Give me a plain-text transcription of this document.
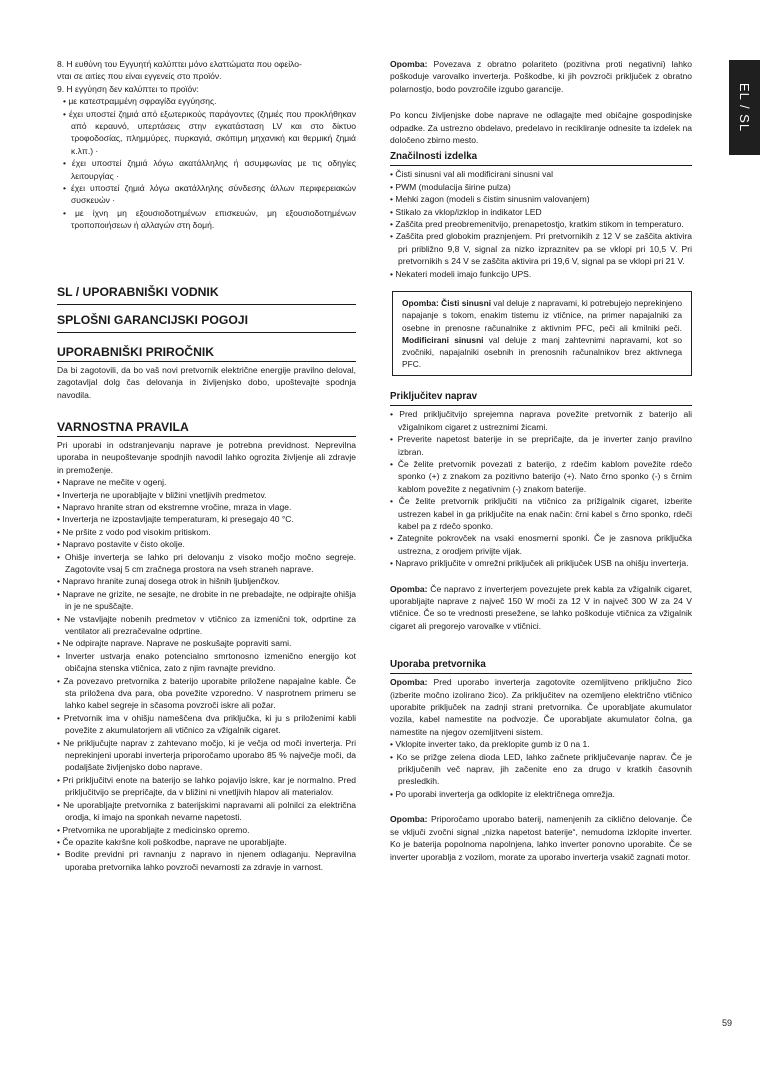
8. Η ευθύνη του Εγγυητή καλύπτει μόνο ελαττώματα που οφείλο-

νται σε αιτίες που είναι εγγενείς στο προϊόν.

9. Η εγγύηση δεν καλύπτει το προϊόν:

• με κατεστραμμένη σφραγίδα εγγύησης.

• έχει υποστεί ζημιά από εξωτερικούς παράγοντες (ζημιές που προκλήθηκαν από κεραυνό, υπερτάσεις στην εγκατάσταση LV και στο δίκτυο τροφοδοσίας, πλημμύρες, πυρκαγιά, σκόπιμη μηχανική και θερμική ζημιά κ.λπ.) ·

• έχει υποστεί ζημιά λόγω ακατάλληλης ή ασυμφωνίας με τις οδηγίες λειτουργίας ·

• έχει υποστεί ζημιά λόγω ακατάλληλης σύνδεσης άλλων περιφερειακών συσκευών ·

• με ίχνη μη εξουσιοδοτημένων επισκευών, μη εξουσιοδοτημένων τροποποιήσεων ή αλλαγών στη δομή.

SL / UPORABNIŠKI VODNIK
SPLOŠNI GARANCIJSKI POGOJI
UPORABNIŠKI PRIROČNIK

Da bi zagotovili, da bo vaš novi pretvornik električne energije pravilno deloval, zagotavljal dolg čas delovanja in življenjsko dobo, upoštevajte spodnja navodila.

VARNOSTNA PRAVILA

Pri uporabi in odstranjevanju naprave je potrebna previdnost. Neprevilna uporaba in neupoštevanje spodnjih navodil lahko ogrozita življenje ali zdravje in premoženje.

• Naprave ne mečite v ogenj.

• Inverterja ne uporabljajte v bližini vnetljivih predmetov.

• Napravo hranite stran od ekstremne vročine, mraza in vlage.

• Inverterja ne izpostavljajte temperaturam, ki presegajo 40 °C.

• Ne pršite z vodo pod visokim pritiskom.

• Napravo postavite v čisto okolje.

• Ohišje inverterja se lahko pri delovanju z visoko močjo močno segreje. Zagotovite vsaj 5 cm zračnega prostora na vseh straneh naprave.

• Napravo hranite zunaj dosega otrok in hišnih ljubljenčkov.

• Naprave ne grizite, ne sesajte, ne drobite in ne prebadajte, ne odpirajte ohišja in je ne spuščajte.

• Ne vstavljajte nobenih predmetov v vtičnico za izmenični tok, odprtine za ventilator ali prezračevalne odprtine.

• Ne odpirajte naprave. Naprave ne poskušajte popraviti sami.

• Inverter ustvarja enako potencialno smrtonosno izmenično energijo kot običajna stenska vtičnica, zato z njim ravnajte previdno.

• Za povezavo pretvornika z baterijo uporabite priložene napajalne kable. Če sta priložena dva para, oba povežite vzporedno. V nasprotnem primeru se lahko kabel segreje in sčasoma povzroči iskre ali požar.

• Pretvornik ima v ohišju nameščena dva priključka, ki ju s priloženimi kabli povežite z akumulatorjem ali vtičnico za vžigalnik cigaret.

• Ne priključujte naprav z zahtevano močjo, ki je večja od moči inverterja. Pri neprekinjeni uporabi inverterja priporočamo uporabo 85 % največje moči, da podaljšate življenjsko dobo naprave.

• Pri priključitvi enote na baterijo se lahko pojavijo iskre, kar je normalno. Pred priključitvijo se prepričajte, da v bližini ni vnetljivih hlapov ali materialov.

• Ne uporabljajte pretvornika z baterijskimi napravami ali polnilci za električna orodja, ki imajo na sponkah nevarne napetosti.

• Pretvornika ne uporabljajte z medicinsko opremo.

• Če opazite kakršne koli poškodbe, naprave ne uporabljajte.

• Bodite previdni pri ravnanju z napravo in njenem odlaganju. Nepravilna uporaba pretvornika lahko povzroči nevarnosti za zdravje in varnost.

Opomba: Povezava z obratno polariteto (pozitivna proti negativni) lahko poškoduje varovalko inverterja. Poškodbe, ki jih povzroči priključek z obratno polarnostjo, bodo povzročile izgubo garancije.

Po koncu življenjske dobe naprave ne odlagajte med običajne gospodinjske odpadke. Za ustrezno obdelavo, predelavo in recikliranje odnesite ta izdelek na določeno zbirno mesto.

Značilnosti izdelka

• Čisti sinusni val ali modificirani sinusni val

• PWM (modulacija širine pulza)

• Mehki zagon (modeli s čistim sinusnim valovanjem)

• Stikalo za vklop/izklop in indikator LED

• Zaščita pred preobremenitvijo, prenapetostjo, kratkim stikom in temperaturo.

• Zaščita pred globokim praznjenjem. Pri pretvornikih z 12 V se zaščita aktivira pri približno 9,8 V, signal za nizko izpraznitev pa se vklopi pri 10,5 V. Pri pretvornikih s 24 V se zaščita aktivira pri 19,6 V, signal pa se vklopi pri 21 V.

• Nekateri modeli imajo funkcijo UPS.

Opomba: Čisti sinusni val deluje z napravami, ki potrebujejo neprekinjeno napajanje s tokom, enakim tistemu iz vtičnice, na primer napajalniki za osebne in prenosne računalnike z aktivnim PFC, peči ali kmilniki peči. Modificirani sinusni val deluje z manj zahtevnimi napravami, kot so zvočniki, napajalniki osebnih in prenosnih računalnikov brez aktivnega PFC.

Priključitev naprav

• Pred priključitvijo sprejemna naprava povežite pretvornik z baterijo ali vžigalnikom cigaret z ustreznimi žicami.

• Preverite napetost baterije in se prepričajte, da je inverter zanjo pravilno izbran.

• Če želite pretvornik povezati z baterijo, z rdečim kablom povežite rdečo sponko (+) z znakom za pozitivno baterijo (+). Nato črno sponko (-) s črnim kablom povežite z negativnim (-) znakom baterije.

• Če želite pretvornik priključiti na vtičnico za prižigalnik cigaret, izberite ustrezen kabel in ga priključite na enak način: črni kabel s črno sponko, rdeči kabel pa z rdečo sponko.

• Zategnite pokrovček na vsaki enosmerni sponki. Če je zasnova priključka ustrezna, z orodjem privijte vijak.

• Napravo priključite v omrežni priključek ali priključek USB na ohišju inverterja.

Opomba: Če napravo z inverterjem povezujete prek kabla za vžigalnik cigaret, uporabljajte naprave z največ 150 W moči za 12 V in največ 300 W za 24 V vtičnice. Če so te vrednosti presežene, se lahko poškoduje vtičnica za vžigalnik cigaret ali pregorejo varovalke v vtičnici.

Uporaba pretvornika

Opomba: Pred uporabo inverterja zagotovite ozemljitveno priključno žico (izberite močno izolirano žico). Za priključitev na ozemljeno električno vtičnico uporabite priključek na zadnji strani pretvornika. Če uporabljate akumulator vozila, kabel namestite na podvozje. Če uporabljate akumulator čolna, ga namestite na njegov ozemljitveni sistem.

• Vklopite inverter tako, da preklopite gumb iz 0 na 1.

• Ko se prižge zelena dioda LED, lahko začnete priključevanje naprav. Če je priključenih več naprav, jih začenite eno za drugo v kratkih časovnih presledkih.

• Po uporabi inverterja ga odklopite iz električnega omrežja.

Opomba: Priporočamo uporabo baterij, namenjenih za ciklično delovanje. Če se vključi zvočni signal „nizka napetost baterije“, nemudoma izklopite inverter. Ko je baterija popolnoma napolnjena, lahko inverter ponovno uporabite. Če se inverter uporablja z vozilom, morate za uporabo inverterja vsakič zagnati motor.

EL / SL
59
